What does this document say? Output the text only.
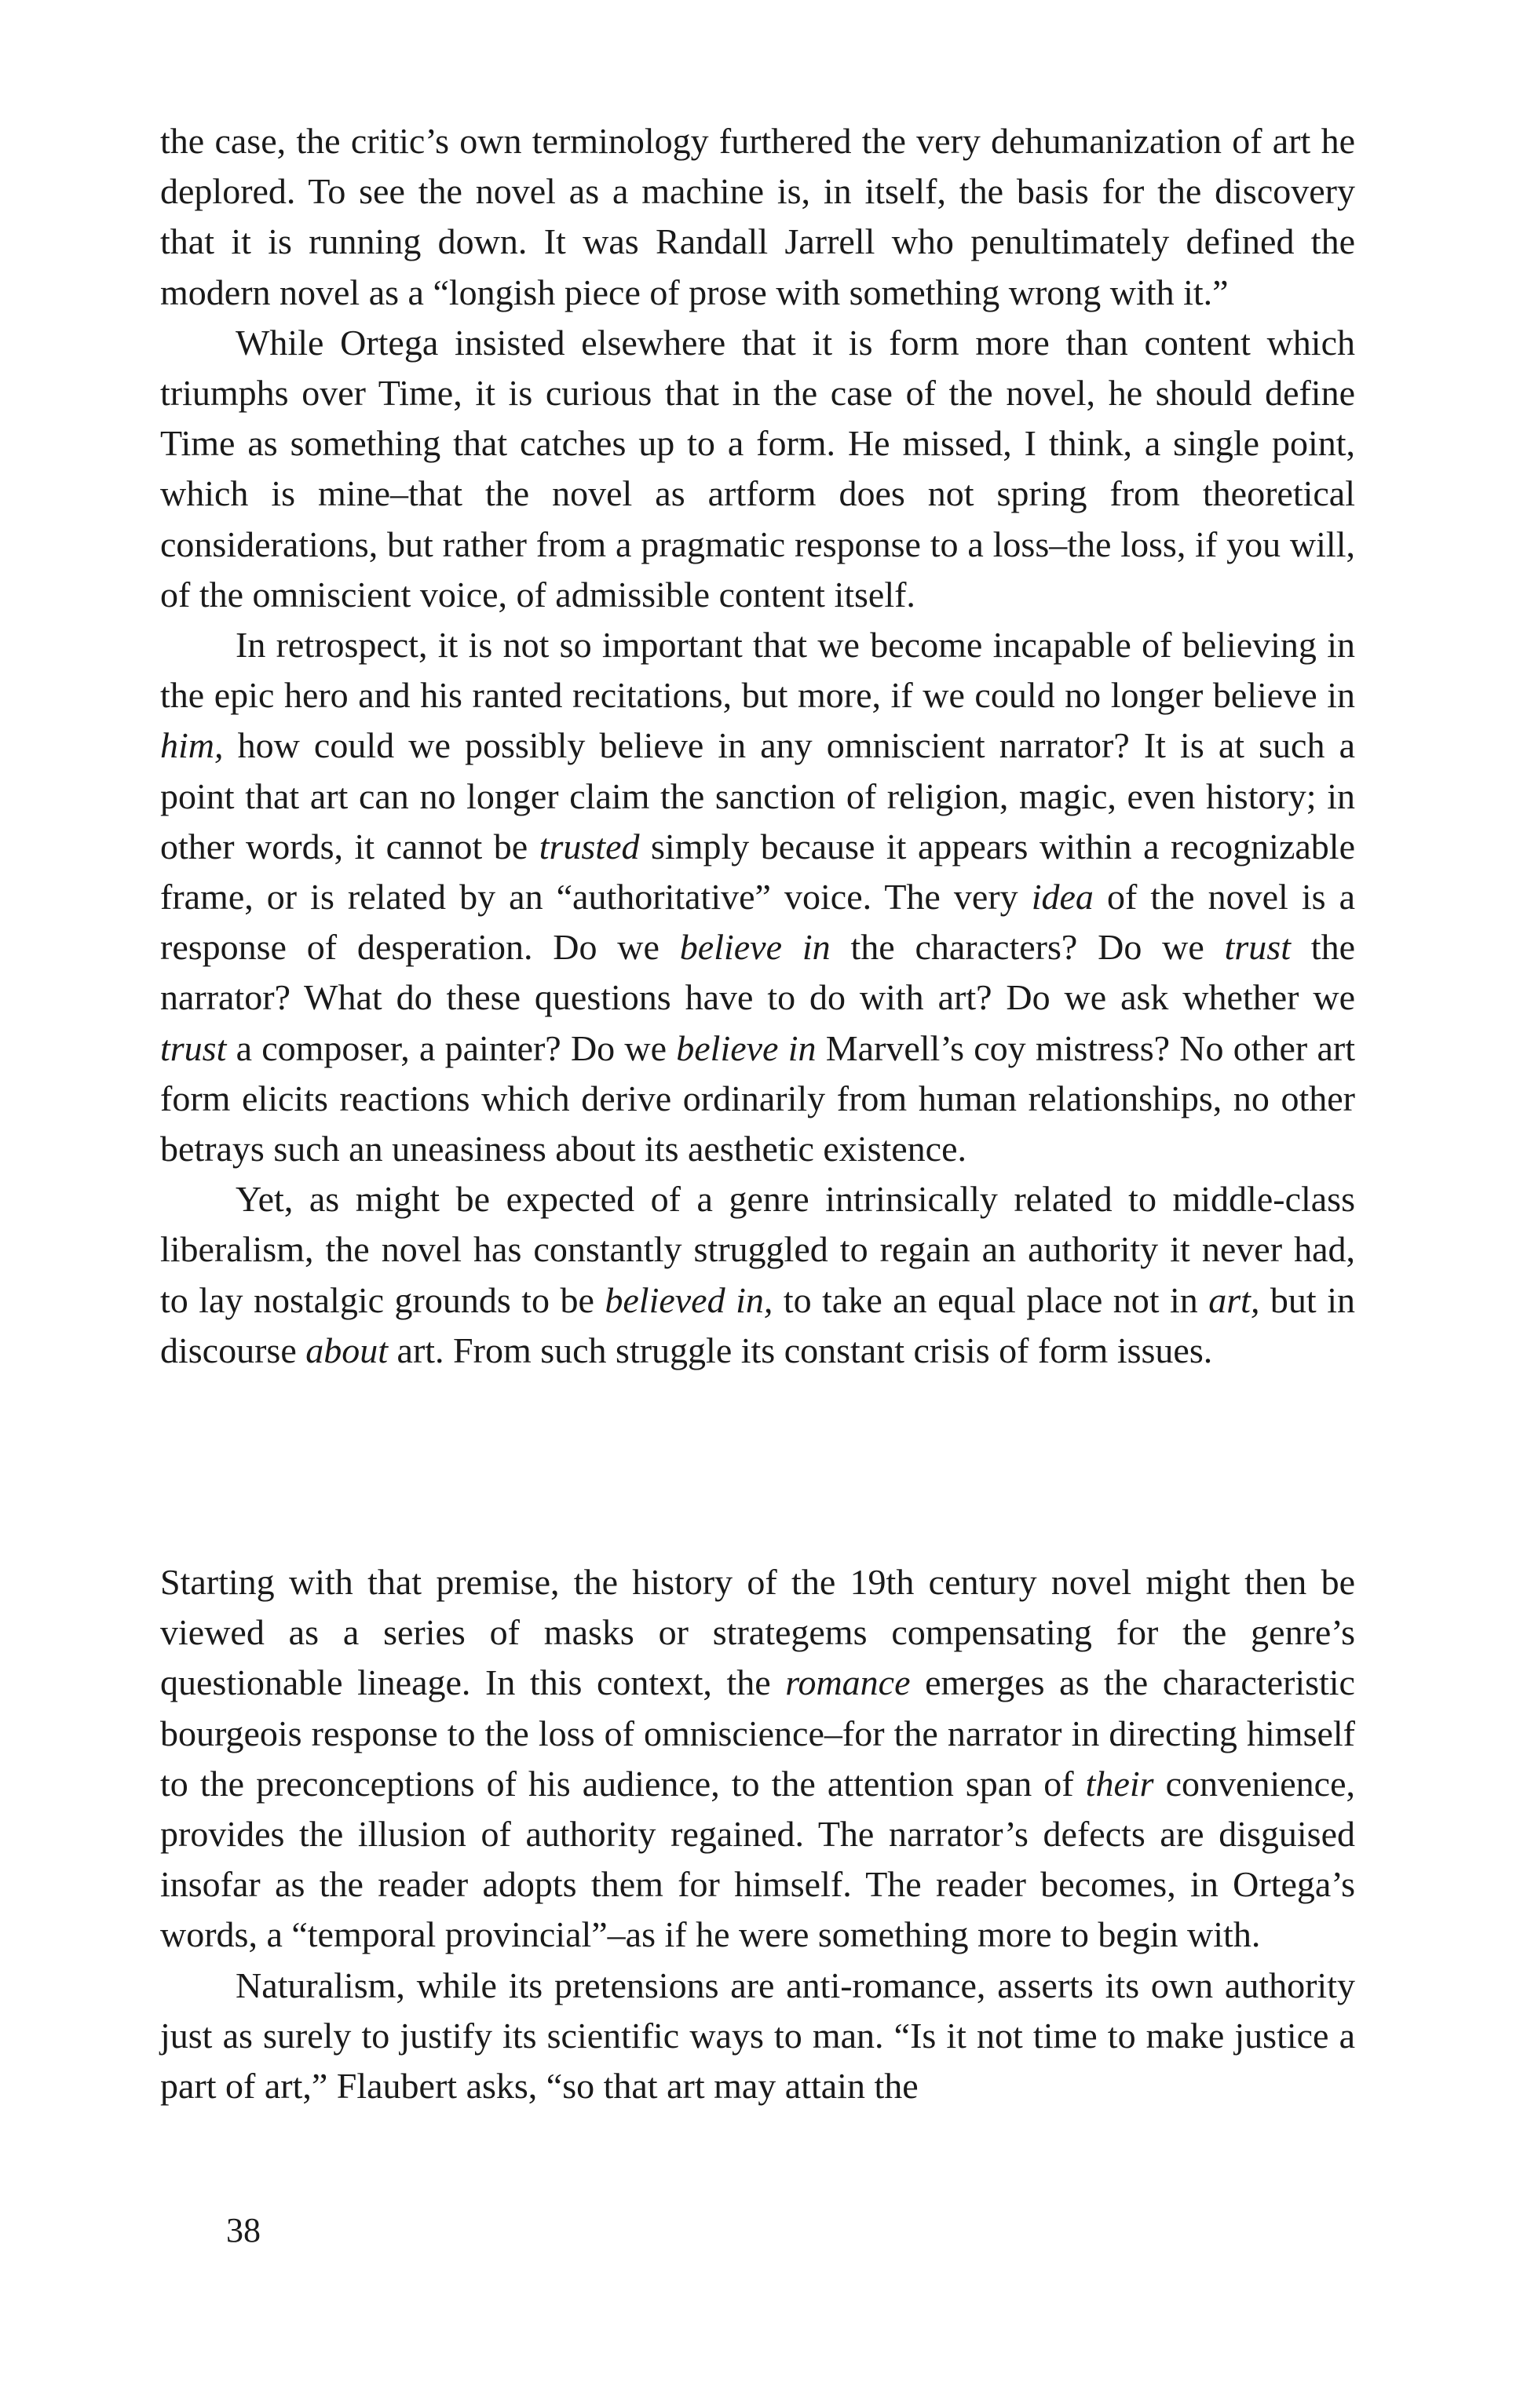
the case, the critic’s own terminology furthered the very dehumanization of art he deplored. To see the novel as a machine is, in itself, the basis for the discovery that it is running down. It was Randall Jarrell who penultimately defined the modern novel as a “longish piece of prose with something wrong with it.”

While Ortega insisted elsewhere that it is form more than content which triumphs over Time, it is curious that in the case of the novel, he should define Time as something that catches up to a form. He missed, I think, a single point, which is mine–that the novel as artform does not spring from theoretical considerations, but rather from a pragmatic response to a loss–the loss, if you will, of the omniscient voice, of admissible content itself.

In retrospect, it is not so important that we become incapable of believing in the epic hero and his ranted recitations, but more, if we could no longer believe in him, how could we possibly believe in any omniscient narrator? It is at such a point that art can no longer claim the sanction of religion, magic, even history; in other words, it cannot be trusted simply because it appears within a recognizable frame, or is related by an “authoritative” voice. The very idea of the novel is a response of desperation. Do we believe in the characters? Do we trust the narrator? What do these questions have to do with art? Do we ask whether we trust a composer, a painter? Do we believe in Marvell’s coy mistress? No other art form elicits reactions which derive ordinarily from human relationships, no other betrays such an uneasiness about its aesthetic existence.

Yet, as might be expected of a genre intrinsically related to middle-class liberalism, the novel has constantly struggled to regain an authority it never had, to lay nostalgic grounds to be believed in, to take an equal place not in art, but in discourse about art. From such struggle its constant crisis of form issues.

Starting with that premise, the history of the 19th century novel might then be viewed as a series of masks or strategems compensating for the genre’s questionable lineage. In this context, the romance emerges as the characteristic bourgeois response to the loss of omniscience–for the narrator in directing himself to the preconceptions of his audience, to the attention span of their convenience, provides the illusion of authority regained. The narrator’s defects are disguised insofar as the reader adopts them for himself. The reader becomes, in Ortega’s words, a “temporal provincial”–as if he were something more to begin with.

Naturalism, while its pretensions are anti-romance, asserts its own authority just as surely to justify its scientific ways to man. “Is it not time to make justice a part of art,” Flaubert asks, “so that art may attain the

38
